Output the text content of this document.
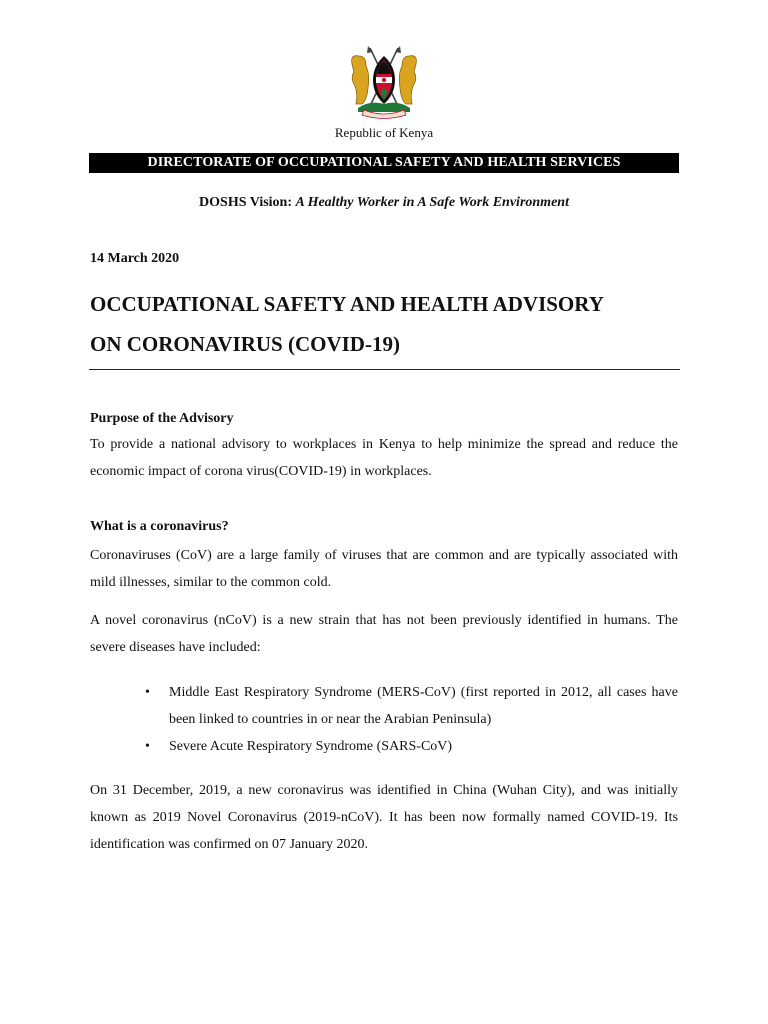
Republic of Kenya
DIRECTORATE OF OCCUPATIONAL SAFETY AND HEALTH SERVICES
DOSHS Vision: A Healthy Worker in A Safe Work Environment
14 March 2020
OCCUPATIONAL SAFETY AND HEALTH ADVISORY
ON CORONAVIRUS (COVID-19)
Purpose of the Advisory
To provide a national advisory to workplaces in Kenya to help minimize the spread and reduce the economic impact of corona virus(COVID-19) in workplaces.
What is a coronavirus?
Coronaviruses (CoV) are a large family of viruses that are common and are typically associated with mild illnesses, similar to the common cold.
A novel coronavirus (nCoV) is a new strain that has not been previously identified in humans. The severe diseases have included:
• Middle East Respiratory Syndrome (MERS-CoV) (first reported in 2012, all cases have been linked to countries in or near the Arabian Peninsula)
• Severe Acute Respiratory Syndrome (SARS-CoV)
On 31 December, 2019, a new coronavirus was identified in China (Wuhan City), and was initially known as 2019 Novel Coronavirus (2019-nCoV). It has been now formally named COVID-19. Its identification was confirmed on 07 January 2020.
